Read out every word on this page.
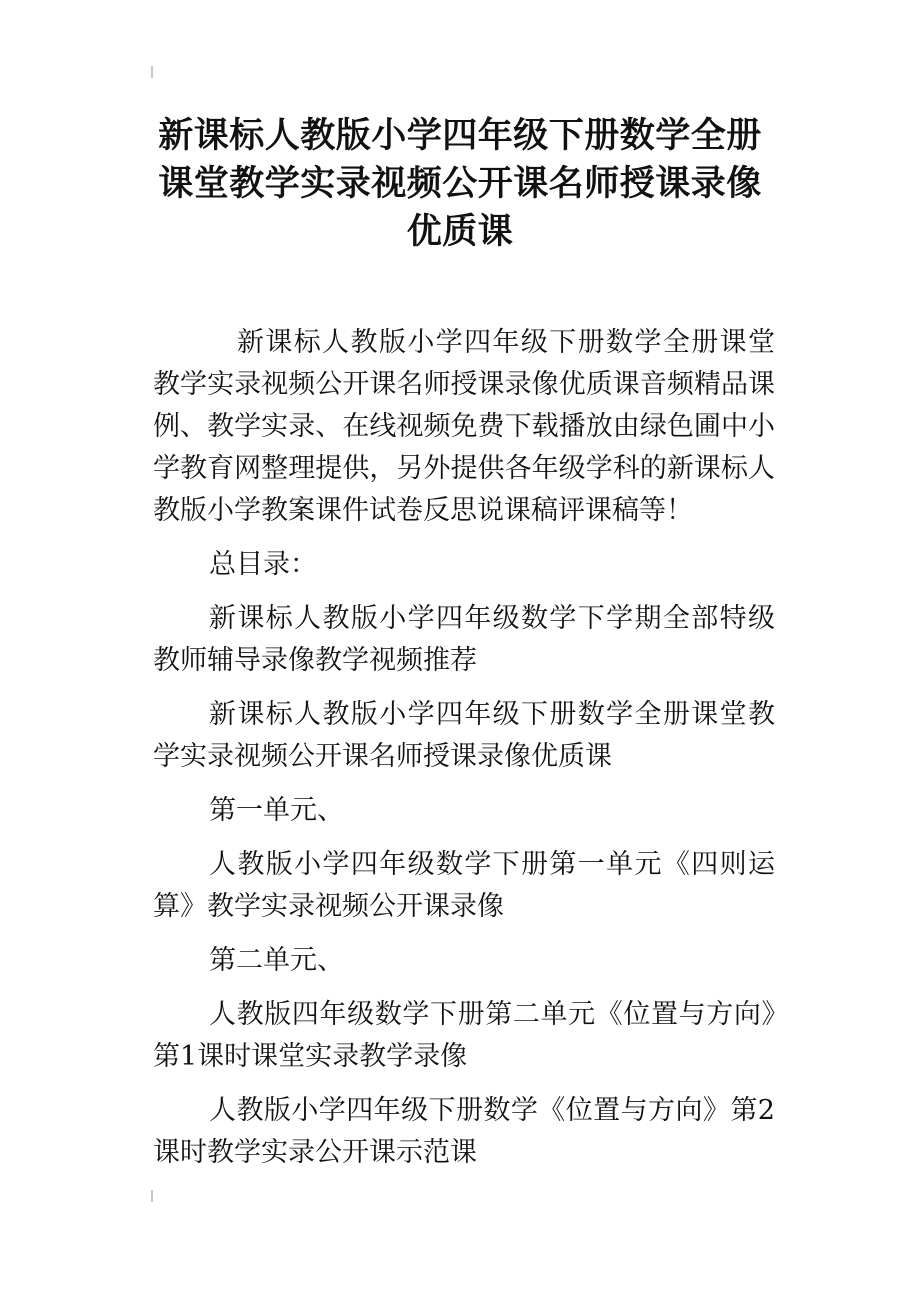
新课标人教版小学四年级下册数学全册课堂教学实录视频公开课名师授课录像优质课

新课标人教版小学四年级下册数学全册课堂教学实录视频公开课名师授课录像优质课音频精品课例、教学实录、在线视频免费下载播放由绿色圃中小学教育网整理提供，另外提供各年级学科的新课标人教版小学教案课件试卷反思说课稿评课稿等！

总目录：

新课标人教版小学四年级数学下学期全部特级教师辅导录像教学视频推荐

新课标人教版小学四年级下册数学全册课堂教学实录视频公开课名师授课录像优质课

第一单元、

人教版小学四年级数学下册第一单元《四则运算》教学实录视频公开课录像

第二单元、

人教版四年级数学下册第二单元《位置与方向》第1课时课堂实录教学录像

人教版小学四年级下册数学《位置与方向》第2课时教学实录公开课示范课
